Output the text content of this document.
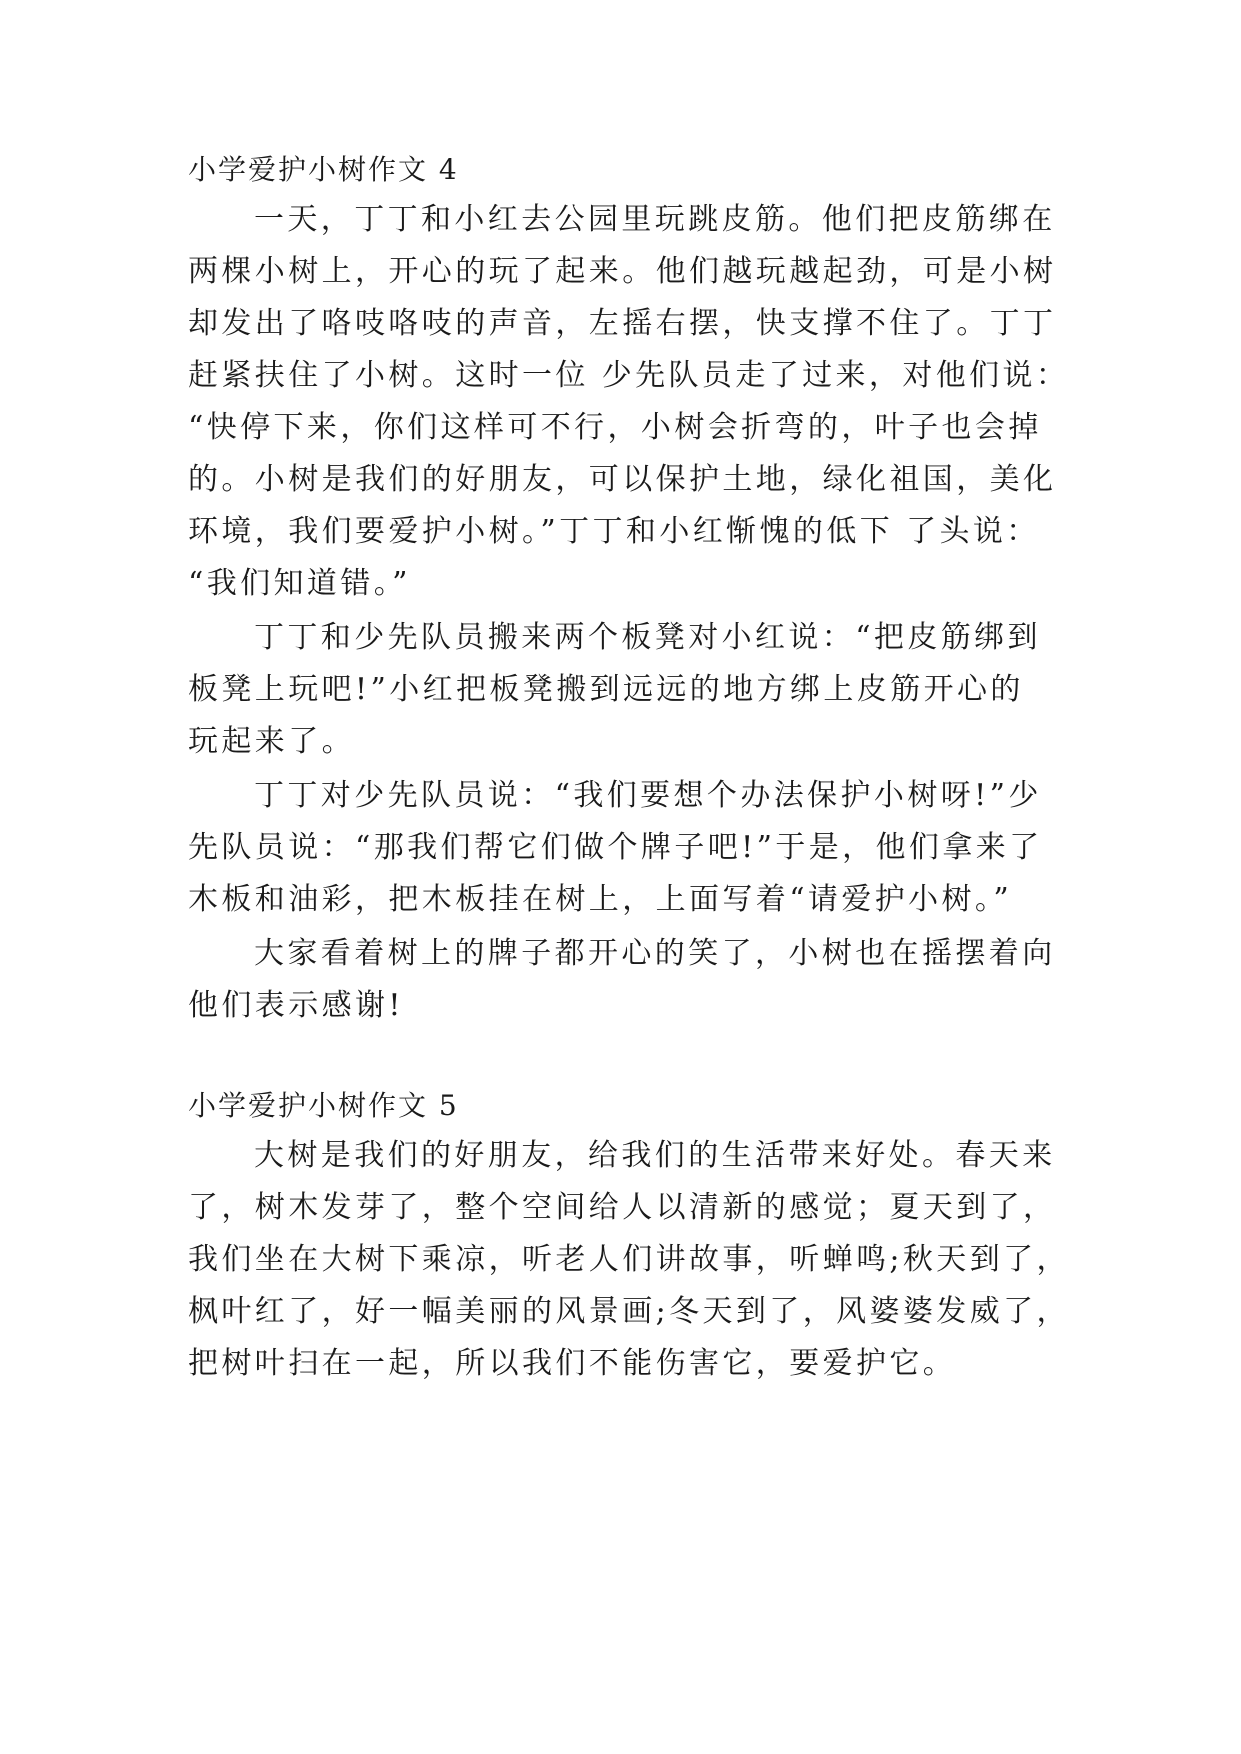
小学爱护小树作文 4
一天，丁丁和小红去公园里玩跳皮筋。他们把皮筋绑在
两棵小树上，开心的玩了起来。他们越玩越起劲，可是小树
却发出了咯吱咯吱的声音，左摇右摆，快支撑不住了。丁丁
赶紧扶住了小树。这时一位 少先队员走了过来，对他们说：
“快停下来，你们这样可不行，小树会折弯的，叶子也会掉
的。小树是我们的好朋友，可以保护土地，绿化祖国，美化
环境，我们要爱护小树。”丁丁和小红惭愧的低下 了头说：
“我们知道错。”
丁丁和少先队员搬来两个板凳对小红说：“把皮筋绑到
板凳上玩吧!”小红把板凳搬到远远的地方绑上皮筋开心的
玩起来了。
丁丁对少先队员说：“我们要想个办法保护小树呀!”少
先队员说：“那我们帮它们做个牌子吧!”于是，他们拿来了
木板和油彩，把木板挂在树上，上面写着“请爱护小树。”
大家看着树上的牌子都开心的笑了，小树也在摇摆着向
他们表示感谢!
小学爱护小树作文 5
大树是我们的好朋友，给我们的生活带来好处。春天来
了，树木发芽了，整个空间给人以清新的感觉；夏天到了，
我们坐在大树下乘凉，听老人们讲故事，听蝉鸣;秋天到了，
枫叶红了，好一幅美丽的风景画;冬天到了，风婆婆发威了，
把树叶扫在一起，所以我们不能伤害它，要爱护它。
